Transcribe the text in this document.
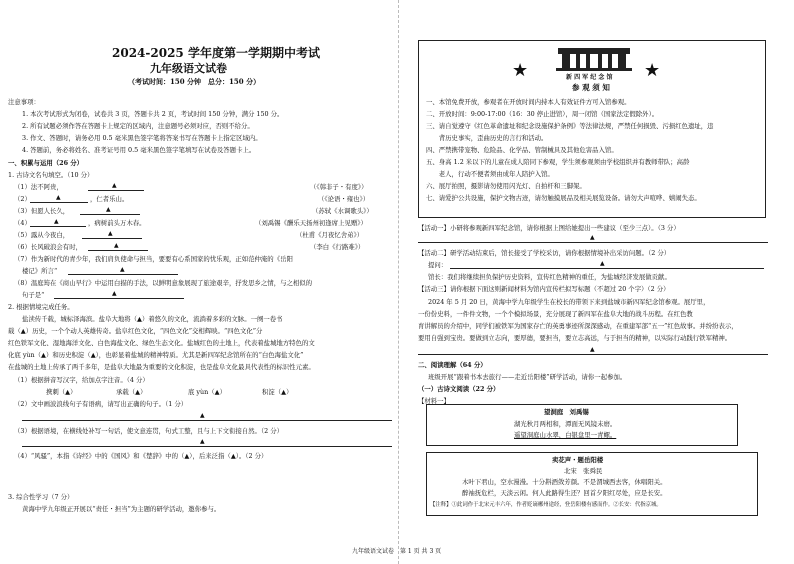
2024-2025 学年度第一学期期中考试
九年级语文试卷
（考试时间：150 分钟　总分：150 分）
注意事项：
1. 本次考试形式为闭卷，试卷共 3 页，答题卡共 2 页，考试时间 150 分钟，满分 150 分。
2. 所有试题必须作答在答题卡上规定的区域内，注意题号必须对应，否则不给分。
3. 作文、答题时，请务必用 0.5 毫米黑色签字笔将答案书写在答题卡上指定区域内。
4. 答题前，务必将姓名、准考证号用 0.5 毫米黑色签字笔填写在试卷及答题卡上。
一、积累与运用（26 分）
1. 古诗文名句填空。（10 分）
（1）法不阿贵，	▲	（《韩非子・有度》）
（2）	▲	，仁者乐山。	（《论语・雍也》）
（3）但愿人长久，	▲	（苏轼《水调歌头》）
（4）	▲	，病树前头万木春。	（刘禹锡《酬乐天扬州初逢席上见赠》）
（5）露从今夜白，	▲	（杜甫《月夜忆舍弟》）
（6）长风破浪会有时，	▲	（李白《行路难》）
（7）作为新时代的青少年，我们肩负使命与担当，要要有心系国家的忧乐观，正如范仲淹的《岳阳
楼记》所言“	▲
（8）温庭筠在《商山早行》中运用白描的手法，以鲜明意象展现了旅途艰辛，抒发思乡之情，与之相似的
句子是“	▲
2. 根据情境完成任务。
盐渎传千载，城标泽海滨。盐阜大地将（▲）着悠久的文化，流淌着多彩的文脉。一阕一卷书
载（▲）历史，一个个动人英雄传奇。盐阜红色文化，“四色文化”交相辉映。“四色文化”分
红色铁军文化、湿地海洋文化、白色海盐文化、绿色生态文化。盐城红色的土地上，代表着盐城地方特色的文
化底 yùn（▲）和历史积淀（▲），也彰显着盐城的精神特质。尤其是新四军纪念馆所在的“白色海盐文化”
在盐城的土地上传承了两千多年，是盐阜大地最为重要的文化积淀，也是盐阜文化最具代表性的标识性元素。
（1）根据拼音写汉字，给加点字注音。（4 分）
携刺（▲）	承载（▲）	底 yùn（▲）	积淀（▲）
（2）文中画波浪线句子有语病，请写出正确的句子。（1 分）
▲
（3）根据语境，在横线处补写一句话，使文意连贯，句式工整，且与上下文衔接自然。（2 分）
▲
（4）“风骚”，本指《诗经》中的《国风》和《楚辞》中的（▲），后来泛指（▲）。（2 分）
3. 综合性学习（7 分）
黄海中学九年级正开展以“责任・担当”为主题的研学活动，邀你参与。
九年级语文试卷　第 1 页 共 3 页
★	★
新 四 军 纪 念 馆
参 观 须 知
一、本馆免费开放，参观者在开放时间内持本人有效证件方可入馆参观。
二、开放时间：9:00-17:00（16：30 停止进馆），周一闭馆（国家法定假除外）。
三、请自觉遵守《红色革命遗址和纪念设施保护条例》等法律法规，严禁任何损毁、污损红色遗址，违
　　背历史事实，歪曲历史的言行和活动。
四、严禁携带宠物、危险品、化学品、管制械具及其他危害品入馆。
五、身高 1.2 米以下的儿童在成人陪同下参观，学生须参观须由学校组织并有教师带队；高龄
　　老人，行动不便者须由成年人陪护入馆。
六、展厅拍照，摄影请勿使用闪光灯、自拍杆和三脚架。
七、请爱护公共设施，保护文物古迹，请勿触摸展品及相关展览设备。请勿大声喧哗、嬉闹失态。
【活动一】小研将参观新四军纪念馆，请你根据上图给她提出一些建议（至少三点）。（3 分）
▲
【活动二】研学活动结束后，馆长接受了学校采访，请你根据情境补出采访问题。（2 分）
提问：	▲
馆长：我们将继续担负保护历史资料，宣传红色精神的重任，为盐城经济发展做贡献。
【活动三】请你根据下面这则新闻材料为馆内宣传栏拟写标题（不超过 20 个字）（2 分）
2024 年 5 月 20 日，黄海中学九年级学生在校长的带领下来到盐城市新四军纪念馆参观。展厅里，
一份份史料，一件件文物，一个个模拟场景，充分展现了新四军在盐阜大地的战斗历程。在红色教
育讲解员的介绍中，同学们被铁军为国家存亡的英勇事迹所深深感动，在重建军部“五一”红色故事。并纷纷表示，
要用自强到宝贵。要做到立志向，要厚德，要担当，要立志高远，与于担当的精神，以实际行动践行铁军精神。
▲
二、阅读理解（64 分）
班级开展“跟着书本去旅行——走近岳阳楼”研学活动，请你一起参加。
（一）古诗文阅读（22 分）
【材料一】
望洞庭　刘禹锡
湖光秋月两相和，潭面无风镜未磨。
遥望洞庭山水翠，白银盘里一青螺。
卖花声・题岳阳楼
北宋　张舜民
木叶下君山，空水漫漫。十分斟酒敛芳颜。不是渭城西去客，休唱阳关。
醉袖抚危栏，天淡云闲。何人此路得生还？回首夕阳红尽处，应是长安。
【注释】①此词作于北宋元丰六年，作者贬谪郴州途经，登岳阳楼有感而作。②长安：代指京城。
